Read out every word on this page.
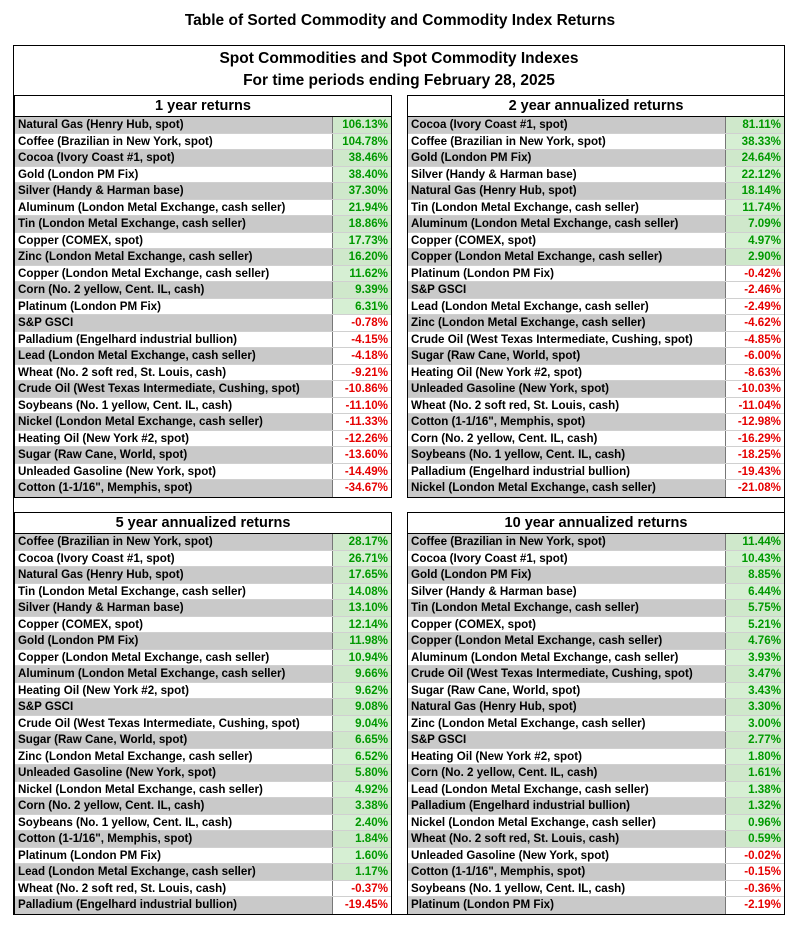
Table of Sorted Commodity and Commodity Index Returns
Spot Commodities and Spot Commodity Indexes
For time periods ending February 28, 2025
1 year returns
Natural Gas (Henry Hub, spot)	106.13%
Coffee (Brazilian in New York, spot)	104.78%
Cocoa (Ivory Coast #1, spot)	38.46%
Gold (London PM Fix)	38.40%
Silver (Handy & Harman base)	37.30%
Aluminum (London Metal Exchange, cash seller)	21.94%
Tin (London Metal Exchange, cash seller)	18.86%
Copper (COMEX, spot)	17.73%
Zinc (London Metal Exchange, cash seller)	16.20%
Copper (London Metal Exchange, cash seller)	11.62%
Corn (No. 2 yellow, Cent. IL, cash)	9.39%
Platinum (London PM Fix)	6.31%
S&P GSCI	-0.78%
Palladium (Engelhard industrial bullion)	-4.15%
Lead (London Metal Exchange, cash seller)	-4.18%
Wheat (No. 2 soft red, St. Louis, cash)	-9.21%
Crude Oil (West Texas Intermediate, Cushing, spot)	-10.86%
Soybeans (No. 1 yellow, Cent. IL, cash)	-11.10%
Nickel (London Metal Exchange, cash seller)	-11.33%
Heating Oil (New York #2, spot)	-12.26%
Sugar (Raw Cane, World, spot)	-13.60%
Unleaded Gasoline (New York, spot)	-14.49%
Cotton (1-1/16", Memphis, spot)	-34.67%
2 year annualized returns
Cocoa (Ivory Coast #1, spot)	81.11%
Coffee (Brazilian in New York, spot)	38.33%
Gold (London PM Fix)	24.64%
Silver (Handy & Harman base)	22.12%
Natural Gas (Henry Hub, spot)	18.14%
Tin (London Metal Exchange, cash seller)	11.74%
Aluminum (London Metal Exchange, cash seller)	7.09%
Copper (COMEX, spot)	4.97%
Copper (London Metal Exchange, cash seller)	2.90%
Platinum (London PM Fix)	-0.42%
S&P GSCI	-2.46%
Lead (London Metal Exchange, cash seller)	-2.49%
Zinc (London Metal Exchange, cash seller)	-4.62%
Crude Oil (West Texas Intermediate, Cushing, spot)	-4.85%
Sugar (Raw Cane, World, spot)	-6.00%
Heating Oil (New York #2, spot)	-8.63%
Unleaded Gasoline (New York, spot)	-10.03%
Wheat (No. 2 soft red, St. Louis, cash)	-11.04%
Cotton (1-1/16", Memphis, spot)	-12.98%
Corn (No. 2 yellow, Cent. IL, cash)	-16.29%
Soybeans (No. 1 yellow, Cent. IL, cash)	-18.25%
Palladium (Engelhard industrial bullion)	-19.43%
Nickel (London Metal Exchange, cash seller)	-21.08%
5 year annualized returns
Coffee (Brazilian in New York, spot)	28.17%
Cocoa (Ivory Coast #1, spot)	26.71%
Natural Gas (Henry Hub, spot)	17.65%
Tin (London Metal Exchange, cash seller)	14.08%
Silver (Handy & Harman base)	13.10%
Copper (COMEX, spot)	12.14%
Gold (London PM Fix)	11.98%
Copper (London Metal Exchange, cash seller)	10.94%
Aluminum (London Metal Exchange, cash seller)	9.66%
Heating Oil (New York #2, spot)	9.62%
S&P GSCI	9.08%
Crude Oil (West Texas Intermediate, Cushing, spot)	9.04%
Sugar (Raw Cane, World, spot)	6.65%
Zinc (London Metal Exchange, cash seller)	6.52%
Unleaded Gasoline (New York, spot)	5.80%
Nickel (London Metal Exchange, cash seller)	4.92%
Corn (No. 2 yellow, Cent. IL, cash)	3.38%
Soybeans (No. 1 yellow, Cent. IL, cash)	2.40%
Cotton (1-1/16", Memphis, spot)	1.84%
Platinum (London PM Fix)	1.60%
Lead (London Metal Exchange, cash seller)	1.17%
Wheat (No. 2 soft red, St. Louis, cash)	-0.37%
Palladium (Engelhard industrial bullion)	-19.45%
10 year annualized returns
Coffee (Brazilian in New York, spot)	11.44%
Cocoa (Ivory Coast #1, spot)	10.43%
Gold (London PM Fix)	8.85%
Silver (Handy & Harman base)	6.44%
Tin (London Metal Exchange, cash seller)	5.75%
Copper (COMEX, spot)	5.21%
Copper (London Metal Exchange, cash seller)	4.76%
Aluminum (London Metal Exchange, cash seller)	3.93%
Crude Oil (West Texas Intermediate, Cushing, spot)	3.47%
Sugar (Raw Cane, World, spot)	3.43%
Natural Gas (Henry Hub, spot)	3.30%
Zinc (London Metal Exchange, cash seller)	3.00%
S&P GSCI	2.77%
Heating Oil (New York #2, spot)	1.80%
Corn (No. 2 yellow, Cent. IL, cash)	1.61%
Lead (London Metal Exchange, cash seller)	1.38%
Palladium (Engelhard industrial bullion)	1.32%
Nickel (London Metal Exchange, cash seller)	0.96%
Wheat (No. 2 soft red, St. Louis, cash)	0.59%
Unleaded Gasoline (New York, spot)	-0.02%
Cotton (1-1/16", Memphis, spot)	-0.15%
Soybeans (No. 1 yellow, Cent. IL, cash)	-0.36%
Platinum (London PM Fix)	-2.19%
